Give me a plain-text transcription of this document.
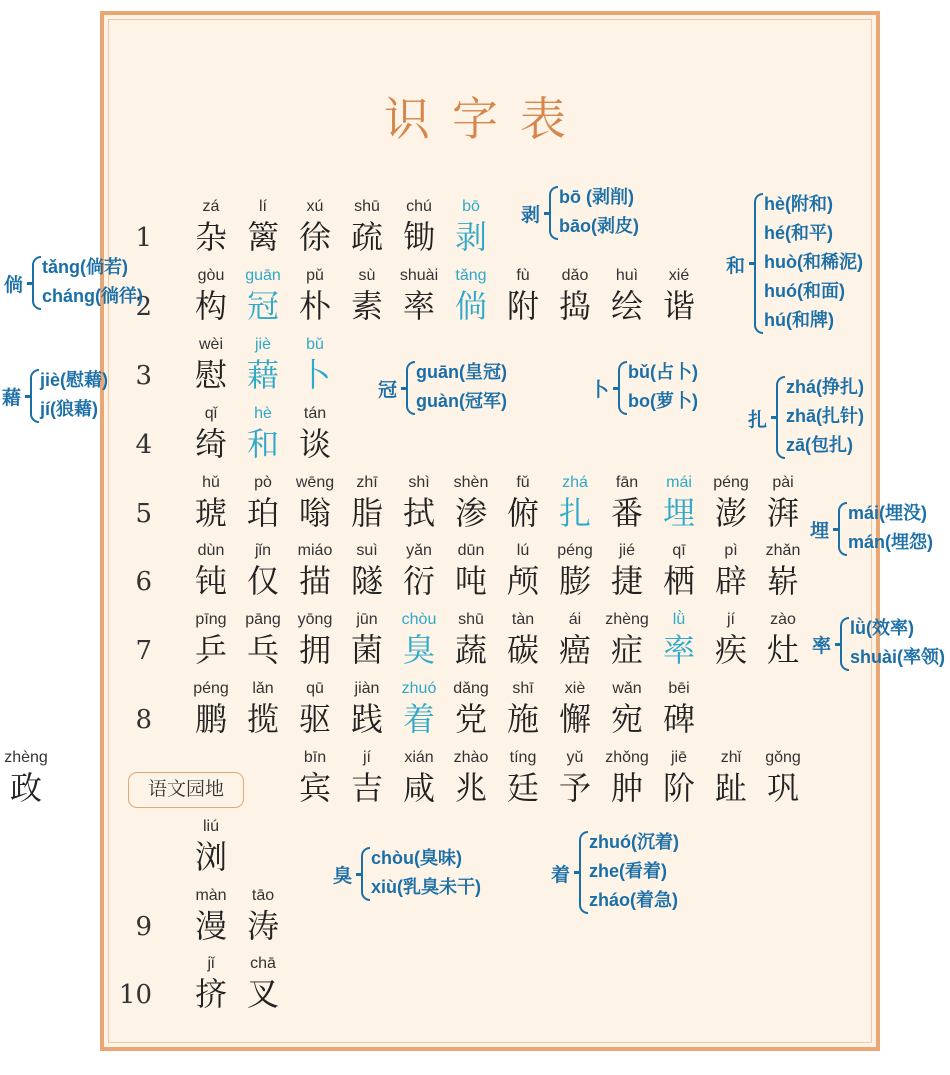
识字表
1
zá
杂
lí
篱
xú
徐
shū
疏
chú
锄
bō
剥
2
gòu
构
guān
冠
pǔ
朴
sù
素
shuài
率
tǎng
倘
fù
附
dǎo
捣
huì
绘
xié
谐
3
wèi
慰
jiè
藉
bǔ
卜
4
qǐ
绮
hè
和
tán
谈
5
hǔ
琥
pò
珀
wēng
嗡
zhī
脂
shì
拭
shèn
渗
fǔ
俯
zhá
扎
fān
番
mái
埋
péng
澎
pài
湃
6
dùn
钝
jǐn
仅
miáo
描
suì
隧
yǎn
衍
dūn
吨
lú
颅
péng
膨
jié
捷
qī
栖
pì
辟
zhǎn
崭
7
pīng
乒
pāng
乓
yōng
拥
jūn
菌
chòu
臭
shū
蔬
tàn
碳
ái
癌
zhèng
症
lǜ
率
jí
疾
zào
灶
8
péng
鹏
lǎn
揽
qū
驱
jiàn
践
zhuó
着
dǎng
党
shī
施
xiè
懈
wǎn
宛
bēi
碑
bīn
宾
jí
吉
xián
咸
zhào
兆
tíng
廷
yǔ
予
zhǒng
肿
jiē
阶
zhǐ
趾
gǒng
巩
zhèng
政
liú
浏
9
màn
漫
tāo
涛
10
jǐ
挤
chā
叉
语文园地
剥
bō (剥削)
bāo(剥皮)
和
hè(附和)
hé(和平)
huò(和稀泥)
huó(和面)
hú(和牌)
倘
tǎng(倘若)
cháng(徜徉)
藉
jiè(慰藉)
jí(狼藉)
冠
guān(皇冠)
guàn(冠军)	卜
bǔ(占卜)
bo(萝卜)
扎
zhá(挣扎)
zhā(扎针)
zā(包扎)
埋
mái(埋没)
mán(埋怨)
率
lǜ(效率)
shuài(率领)
臭
chòu(臭味)
xiù(乳臭未干)
着
zhuó(沉着)
zhe(看着)
zháo(着急)
